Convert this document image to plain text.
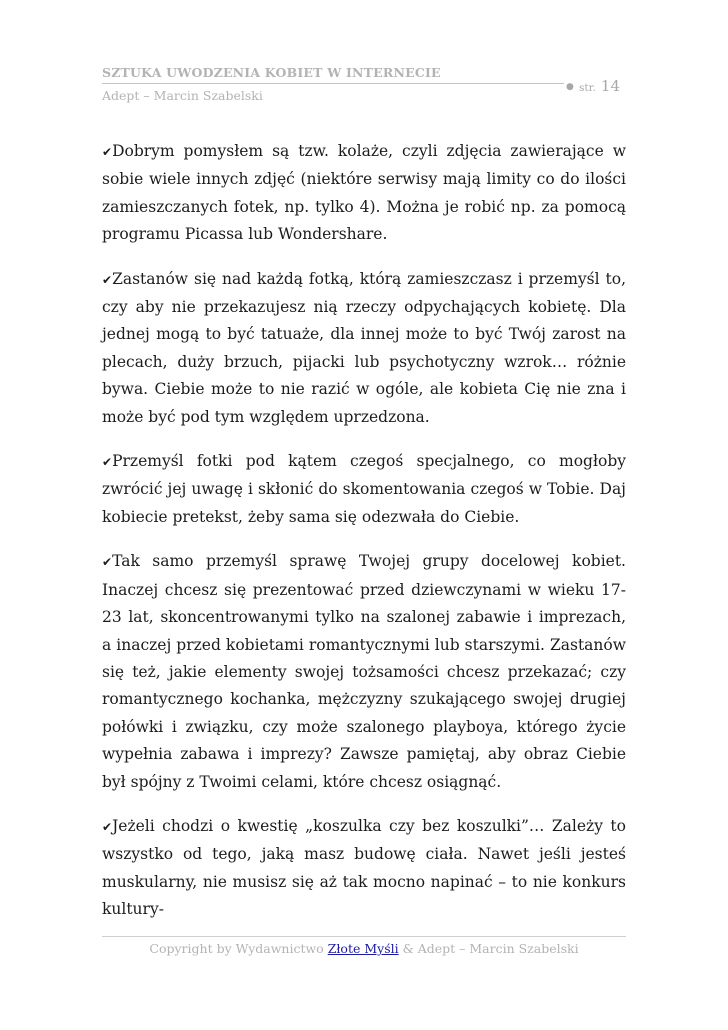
SZTUKA UWODZENIA KOBIET W INTERNECIE
Adept – Marcin Szabelski
● str. 14

✔Dobrym pomysłem są tzw. kolaże, czyli zdjęcia zawierające w sobie wiele innych zdjęć (niektóre serwisy mają limity co do ilości zamieszczanych fotek, np. tylko 4). Można je robić np. za pomocą programu Picassa lub Wondershare.

✔Zastanów się nad każdą fotką, którą zamieszczasz i przemyśl to, czy aby nie przekazujesz nią rzeczy odpychających kobietę. Dla jednej mogą to być tatuaże, dla innej może to być Twój zarost na plecach, duży brzuch, pijacki lub psychotyczny wzrok… różnie bywa. Ciebie może to nie razić w ogóle, ale kobieta Cię nie zna i może być pod tym względem uprzedzona.

✔Przemyśl fotki pod kątem czegoś specjalnego, co mogłoby zwrócić jej uwagę i skłonić do skomentowania czegoś w Tobie. Daj kobiecie pretekst, żeby sama się odezwała do Ciebie.

✔Tak samo przemyśl sprawę Twojej grupy docelowej kobiet. Inaczej chcesz się prezentować przed dziewczynami w wieku 17-23 lat, skoncentrowanymi tylko na szalonej zabawie i imprezach, a inaczej przed kobietami romantycznymi lub starszymi. Zastanów się też, jakie elementy swojej tożsamości chcesz przekazać; czy romantycznego kochanka, mężczyzny szukającego swojej drugiej połówki i związku, czy może szalonego playboya, którego życie wypełnia zabawa i imprezy? Zawsze pamiętaj, aby obraz Ciebie był spójny z Twoimi celami, które chcesz osiągnąć.

✔Jeżeli chodzi o kwestię „koszulka czy bez koszulki”… Zależy to wszystko od tego, jaką masz budowę ciała. Nawet jeśli jesteś muskularny, nie musisz się aż tak mocno napinać – to nie konkurs kultury-

Copyright by Wydawnictwo Złote Myśli & Adept – Marcin Szabelski
